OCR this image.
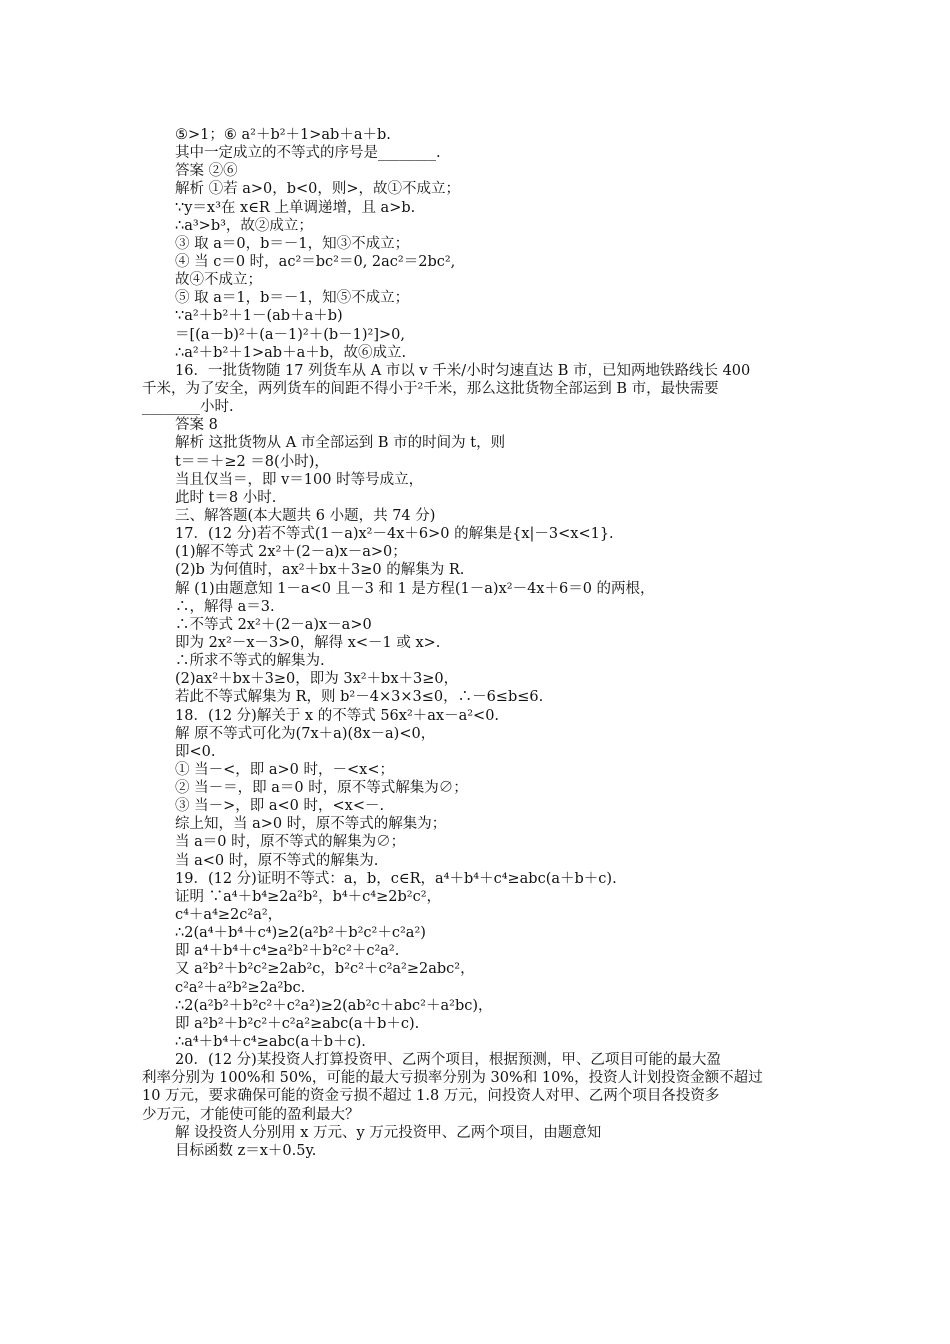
⑤>1；⑥ a²＋b²＋1>ab＋a＋b.
其中一定成立的不等式的序号是________.
答案 ②⑥
解析 ①若 a>0，b<0，则>，故①不成立；
∵y＝x³在 x∈R 上单调递增，且 a>b.
∴a³>b³，故②成立；
③ 取 a＝0，b＝－1，知③不成立；
④ 当 c＝0 时，ac²＝bc²＝0, 2ac²＝2bc²,
故④不成立；
⑤ 取 a＝1，b＝－1，知⑤不成立；
∵a²＋b²＋1－(ab＋a＋b)
＝[(a－b)²＋(a－1)²＋(b－1)²]>0,
∴a²＋b²＋1>ab＋a＋b，故⑥成立.
16．一批货物随 17 列货车从 A 市以 v 千米/小时匀速直达 B 市，已知两地铁路线长 400
千米，为了安全，两列货车的间距不得小于²千米，那么这批货物全部运到 B 市，最快需要
________小时.
答案 8
解析 这批货物从 A 市全部运到 B 市的时间为 t，则
t＝＝＋≥2 ＝8(小时)，
当且仅当＝，即 v＝100 时等号成立，
此时 t＝8 小时.
三、解答题(本大题共 6 小题，共 74 分)
17．(12 分)若不等式(1－a)x²－4x＋6>0 的解集是{x|－3<x<1}.
(1)解不等式 2x²＋(2－a)x－a>0；
(2)b 为何值时，ax²＋bx＋3≥0 的解集为 R.
解 (1)由题意知 1－a<0 且－3 和 1 是方程(1－a)x²－4x＋6＝0 的两根，
∴，解得 a＝3.
∴不等式 2x²＋(2－a)x－a>0
即为 2x²－x－3>0，解得 x<－1 或 x>.
∴所求不等式的解集为.
(2)ax²＋bx＋3≥0，即为 3x²＋bx＋3≥0，
若此不等式解集为 R，则 b²－4×3×3≤0，∴－6≤b≤6.
18．(12 分)解关于 x 的不等式 56x²＋ax－a²<0.
解 原不等式可化为(7x＋a)(8x－a)<0，
即<0.
① 当－<，即 a>0 时，－<x<；
② 当－＝，即 a＝0 时，原不等式解集为∅；
③ 当－>，即 a<0 时，<x<－.
综上知，当 a>0 时，原不等式的解集为；
当 a＝0 时，原不等式的解集为∅；
当 a<0 时，原不等式的解集为.
19．(12 分)证明不等式：a，b，c∈R，a⁴＋b⁴＋c⁴≥abc(a＋b＋c).
证明 ∵a⁴＋b⁴≥2a²b²，b⁴＋c⁴≥2b²c²，
c⁴＋a⁴≥2c²a²，
∴2(a⁴＋b⁴＋c⁴)≥2(a²b²＋b²c²＋c²a²)
即 a⁴＋b⁴＋c⁴≥a²b²＋b²c²＋c²a².
又 a²b²＋b²c²≥2ab²c，b²c²＋c²a²≥2abc²，
c²a²＋a²b²≥2a²bc.
∴2(a²b²＋b²c²＋c²a²)≥2(ab²c＋abc²＋a²bc)，
即 a²b²＋b²c²＋c²a²≥abc(a＋b＋c).
∴a⁴＋b⁴＋c⁴≥abc(a＋b＋c).
20．(12 分)某投资人打算投资甲、乙两个项目，根据预测，甲、乙项目可能的最大盈
利率分别为 100%和 50%，可能的最大亏损率分别为 30%和 10%，投资人计划投资金额不超过
10 万元，要求确保可能的资金亏损不超过 1.8 万元，问投资人对甲、乙两个项目各投资多
少万元，才能使可能的盈利最大？
解 设投资人分别用 x 万元、y 万元投资甲、乙两个项目，由题意知
目标函数 z＝x＋0.5y.
